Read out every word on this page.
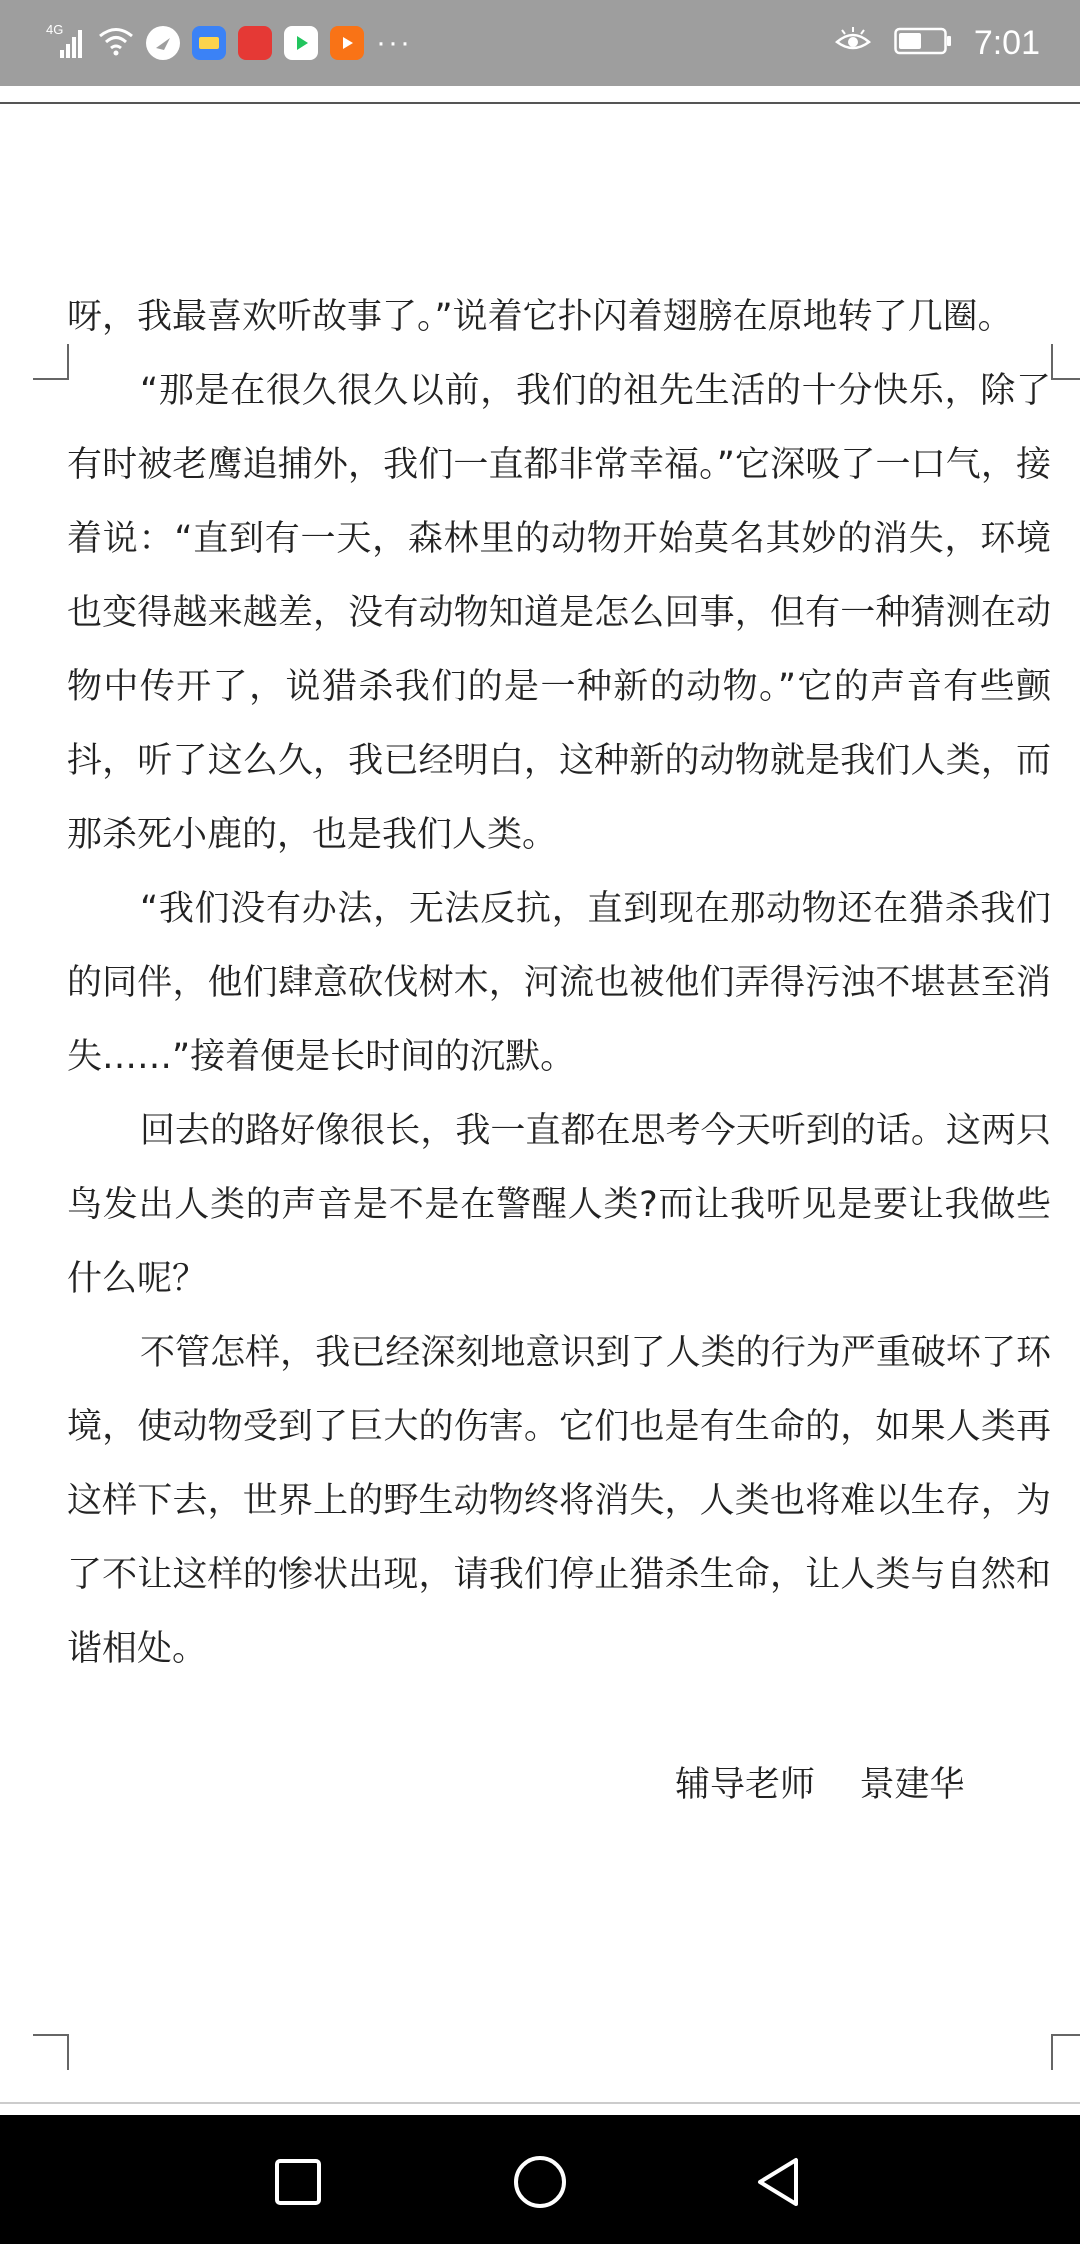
4G	···	7:01

呀，我最喜欢听故事了。”说着它扑闪着翅膀在原地转了几圈。

“那是在很久很久以前，我们的祖先生活的十分快乐，除了有时被老鹰追捕外，我们一直都非常幸福。”它深吸了一口气，接着说：“直到有一天，森林里的动物开始莫名其妙的消失，环境也变得越来越差，没有动物知道是怎么回事，但有一种猜测在动物中传开了，说猎杀我们的是一种新的动物。”它的声音有些颤抖，听了这么久，我已经明白，这种新的动物就是我们人类，而那杀死小鹿的，也是我们人类。

“我们没有办法，无法反抗，直到现在那动物还在猎杀我们的同伴，他们肆意砍伐树木，河流也被他们弄得污浊不堪甚至消失……”接着便是长时间的沉默。

回去的路好像很长，我一直都在思考今天听到的话。这两只鸟发出人类的声音是不是在警醒人类?而让我听见是要让我做些什么呢？

不管怎样，我已经深刻地意识到了人类的行为严重破坏了环境，使动物受到了巨大的伤害。它们也是有生命的，如果人类再这样下去，世界上的野生动物终将消失，人类也将难以生存，为了不让这样的惨状出现，请我们停止猎杀生命，让人类与自然和谐相处。

辅导老师    景建华
